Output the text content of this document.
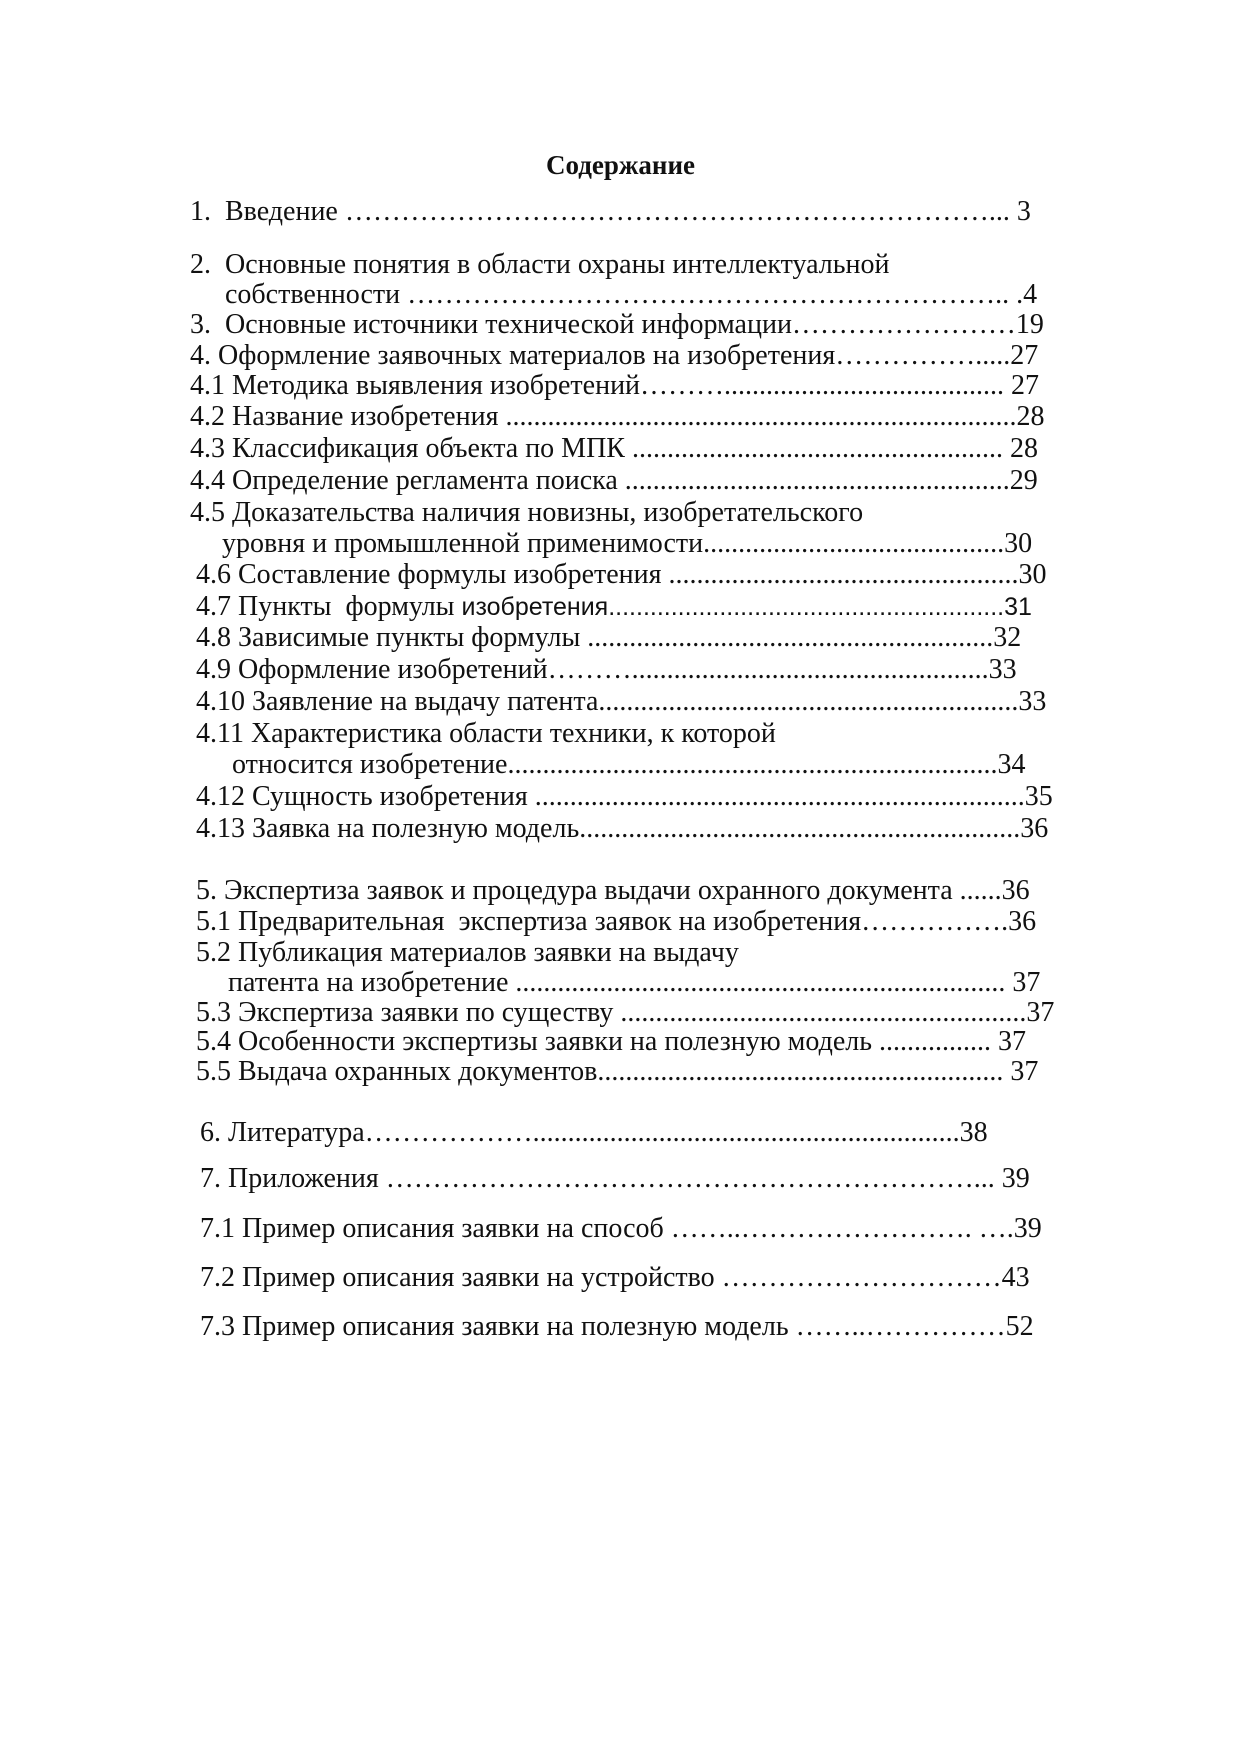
Содержание

1.  Введение ……………………………………………………………... 3

2.  Основные понятия в области охраны интеллектуальной

собственности ……………………………………………………….. .4

3.  Основные источники технической информации……………………19

4. Оформление заявочных материалов на изобретения…………….....27

4.1 Методика выявления изобретений………........................................ 27

4.2 Название изобретения .........................................................................28

4.3 Классификация объекта по МПК ..................................................... 28

4.4 Определение регламента поиска .......................................................29

4.5 Доказательства наличия новизны, изобретательского

уровня и промышленной применимости...........................................30

4.6 Составление формулы изобретения ..................................................30

4.7 Пункты  формулы изобретения.........................................................31

4.8 Зависимые пункты формулы ..........................................................32

4.9 Оформление изобретений………...................................................33

4.10 Заявление на выдачу патента............................................................33

4.11 Характеристика области техники, к которой

относится изобретение......................................................................34

4.12 Сущность изобретения ......................................................................35

4.13 Заявка на полезную модель...............................................................36

5. Экспертиза заявок и процедура выдачи охранного документа ......36

5.1 Предварительная  экспертиза заявок на изобретения…………….36

5.2 Публикация материалов заявки на выдачу

патента на изобретение ...................................................................... 37

5.3 Экспертиза заявки по существу ..........................................................37

5.4 Особенности экспертизы заявки на полезную модель ................ 37

5.5 Выдача охранных документов.......................................................... 37

6. Литература……………….............................................................38

7. Приложения ………………………………………………………... 39

7.1 Пример описания заявки на способ ……..……………………. ….39

7.2 Пример описания заявки на устройство …………………………43

7.3 Пример описания заявки на полезную модель ……..……………52
